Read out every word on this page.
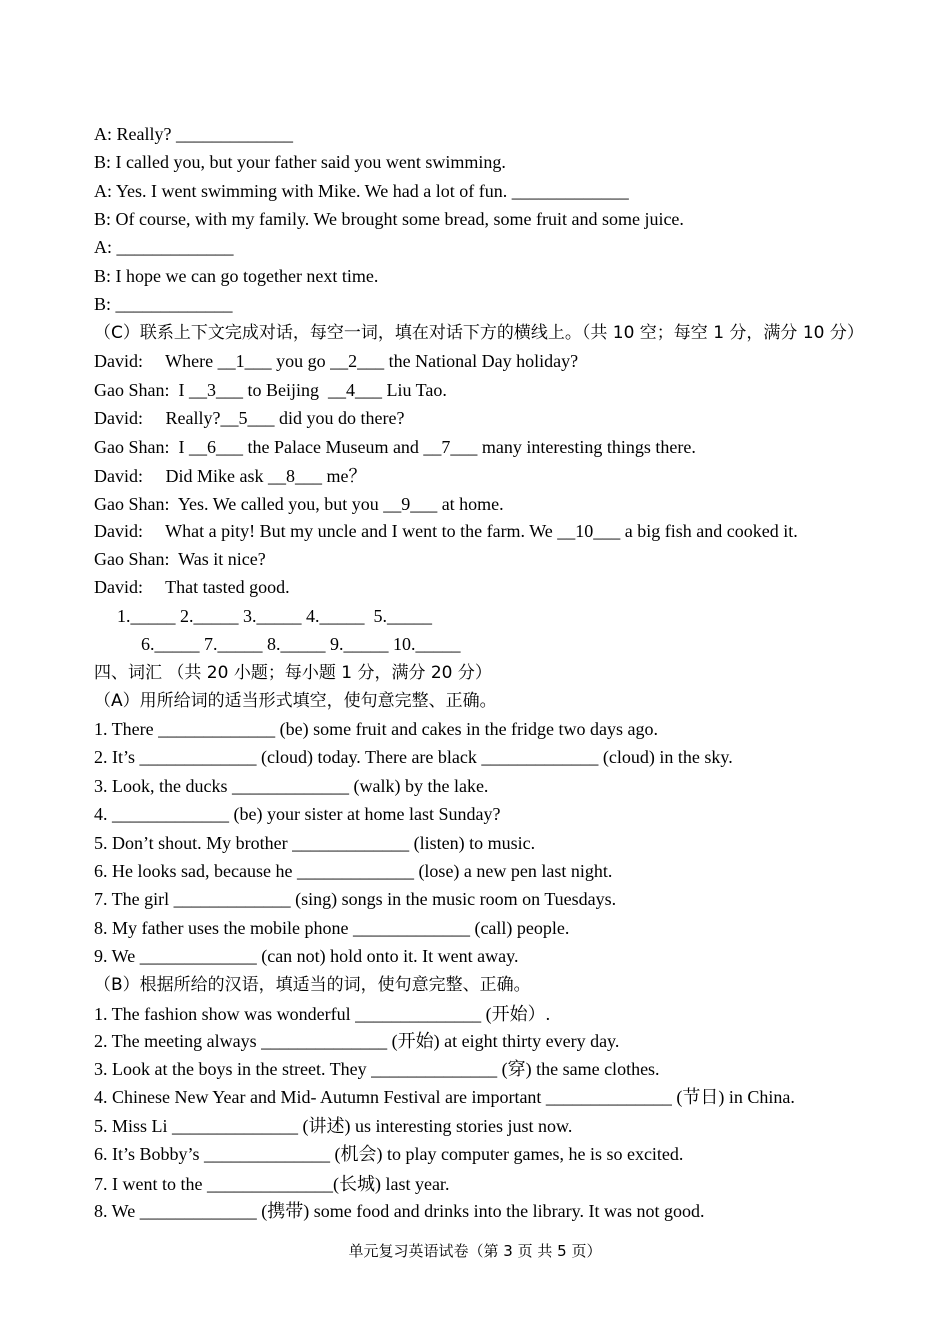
A: Really? _____________
B: I called you, but your father said you went swimming.
A: Yes. I went swimming with Mike. We had a lot of fun. _____________
B: Of course, with my family. We brought some bread, some fruit and some juice.
A: _____________
B: I hope we can go together next time.
B: _____________
（C）联系上下文完成对话，每空一词，填在对话下方的横线上。（共 10 空；每空 1 分，满分 10 分）
David:     Where __1___ you go __2___ the National Day holiday?
Gao Shan:  I __3___ to Beijing  __4___ Liu Tao.
David:     Really?__5___ did you do there?
Gao Shan:  I __6___ the Palace Museum and __7___ many interesting things there.
David:     Did Mike ask __8___ me？
Gao Shan:  Yes. We called you, but you __9___ at home.
David:     What a pity! But my uncle and I went to the farm. We __10___ a big fish and cooked it.
Gao Shan:  Was it nice?
David:     That tasted good.
1._____ 2._____ 3._____ 4._____  5._____
6._____ 7._____ 8._____ 9._____ 10._____
四、词汇 （共 20 小题；每小题 1 分，满分 20 分）
（A）用所给词的适当形式填空，使句意完整、正确。
1. There _____________ (be) some fruit and cakes in the fridge two days ago.
2. It’s _____________ (cloud) today. There are black _____________ (cloud) in the sky.
3. Look, the ducks _____________ (walk) by the lake.
4. _____________ (be) your sister at home last Sunday?
5. Don’t shout. My brother _____________ (listen) to music.
6. He looks sad, because he _____________ (lose) a new pen last night.
7. The girl _____________ (sing) songs in the music room on Tuesdays.
8. My father uses the mobile phone _____________ (call) people.
9. We _____________ (can not) hold onto it. It went away.
（B）根据所给的汉语，填适当的词，使句意完整、正确。
1. The fashion show was wonderful ______________ (开始）.
2. The meeting always ______________ (开始) at eight thirty every day.
3. Look at the boys in the street. They ______________ (穿) the same clothes.
4. Chinese New Year and Mid- Autumn Festival are important ______________ (节日) in China.
5. Miss Li ______________ (讲述) us interesting stories just now.
6. It’s Bobby’s ______________ (机会) to play computer games, he is so excited.
7. I went to the ______________(长城) last year.
8. We _____________ (携带) some food and drinks into the library. It was not good.
单元复习英语试卷（第 3 页 共 5 页）
